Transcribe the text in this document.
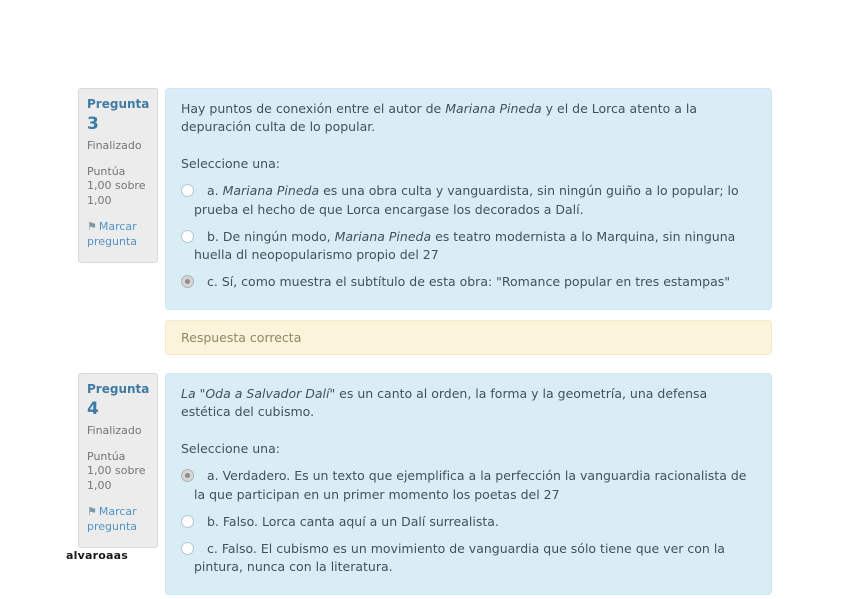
Pregunta 3
Finalizado
Puntúa 1,00 sobre 1,00
⚑ Marcar pregunta
Hay puntos de conexión entre el autor de Mariana Pineda y el de Lorca atento a la depuración culta de lo popular.
Seleccione una:
a. Mariana Pineda es una obra culta y vanguardista, sin ningún guiño a lo popular; lo prueba el hecho de que Lorca encargase los decorados a Dalí.
b. De ningún modo, Mariana Pineda es teatro modernista a lo Marquina, sin ninguna huella dl neopopularismo propio del 27
c. Sí, como muestra el subtítulo de esta obra: "Romance popular en tres estampas"
Respuesta correcta
Pregunta 4
Finalizado
Puntúa 1,00 sobre 1,00
⚑ Marcar pregunta
La "Oda a Salvador Dalí" es un canto al orden, la forma y la geometría, una defensa estética del cubismo.
Seleccione una:
a. Verdadero. Es un texto que ejemplifica a la perfección la vanguardia racionalista de la que participan en un primer momento los poetas del 27
b. Falso. Lorca canta aquí a un Dalí surrealista.
c. Falso. El cubismo es un movimiento de vanguardia que sólo tiene que ver con la pintura, nunca con la literatura.
alvaroaas
